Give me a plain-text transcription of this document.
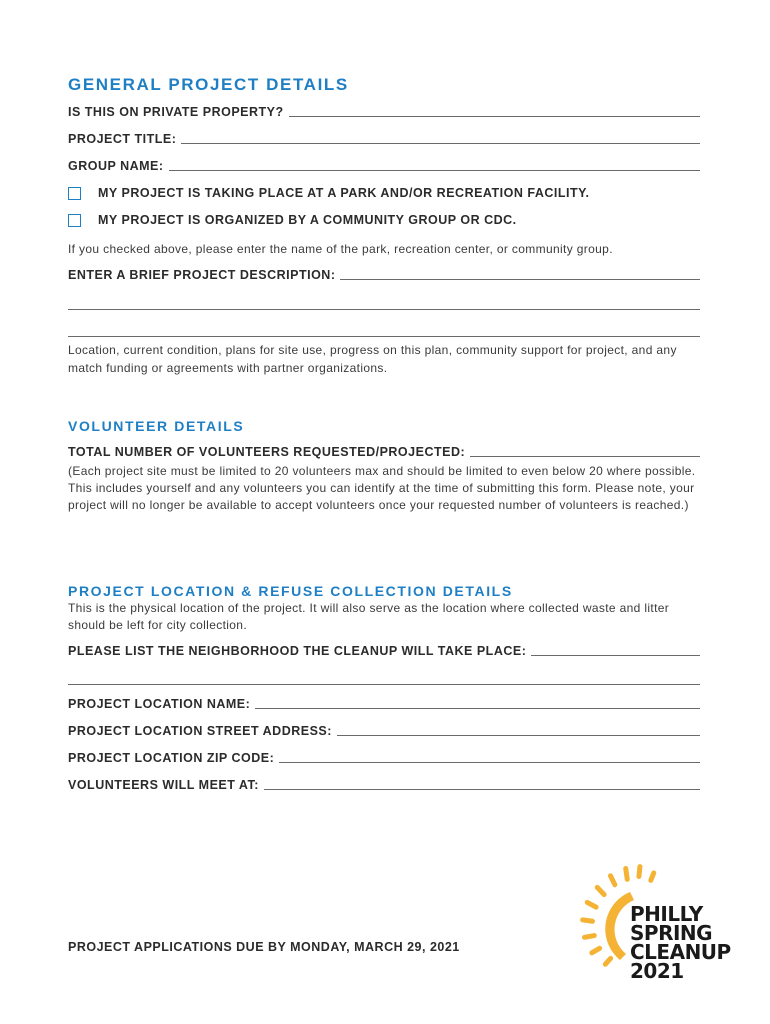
GENERAL PROJECT DETAILS
IS THIS ON PRIVATE PROPERTY?
PROJECT TITLE:
GROUP NAME:
MY PROJECT IS TAKING PLACE AT A PARK AND/OR RECREATION FACILITY.
MY PROJECT IS ORGANIZED BY A COMMUNITY GROUP OR CDC.
If you checked above, please enter the name of the park, recreation center, or community group.
ENTER A BRIEF PROJECT DESCRIPTION:
Location, current condition, plans for site use, progress on this plan, community support for project, and any match funding or agreements with partner organizations.
VOLUNTEER DETAILS
TOTAL NUMBER OF VOLUNTEERS REQUESTED/PROJECTED:
(Each project site must be limited to 20 volunteers max and should be limited to even below 20 where possible. This includes yourself and any volunteers you can identify at the time of submitting this form. Please note, your project will no longer be available to accept volunteers once your requested number of volunteers is reached.)
PROJECT LOCATION & REFUSE COLLECTION DETAILS
This is the physical location of the project. It will also serve as the location where collected waste and litter should be left for city collection.
PLEASE LIST THE NEIGHBORHOOD THE CLEANUP WILL TAKE PLACE:
PROJECT LOCATION NAME:
PROJECT LOCATION STREET ADDRESS:
PROJECT LOCATION ZIP CODE:
VOLUNTEERS WILL MEET AT:
PROJECT APPLICATIONS DUE BY MONDAY, MARCH 29, 2021
PHILLY
SPRING
CLEANUP
2021
